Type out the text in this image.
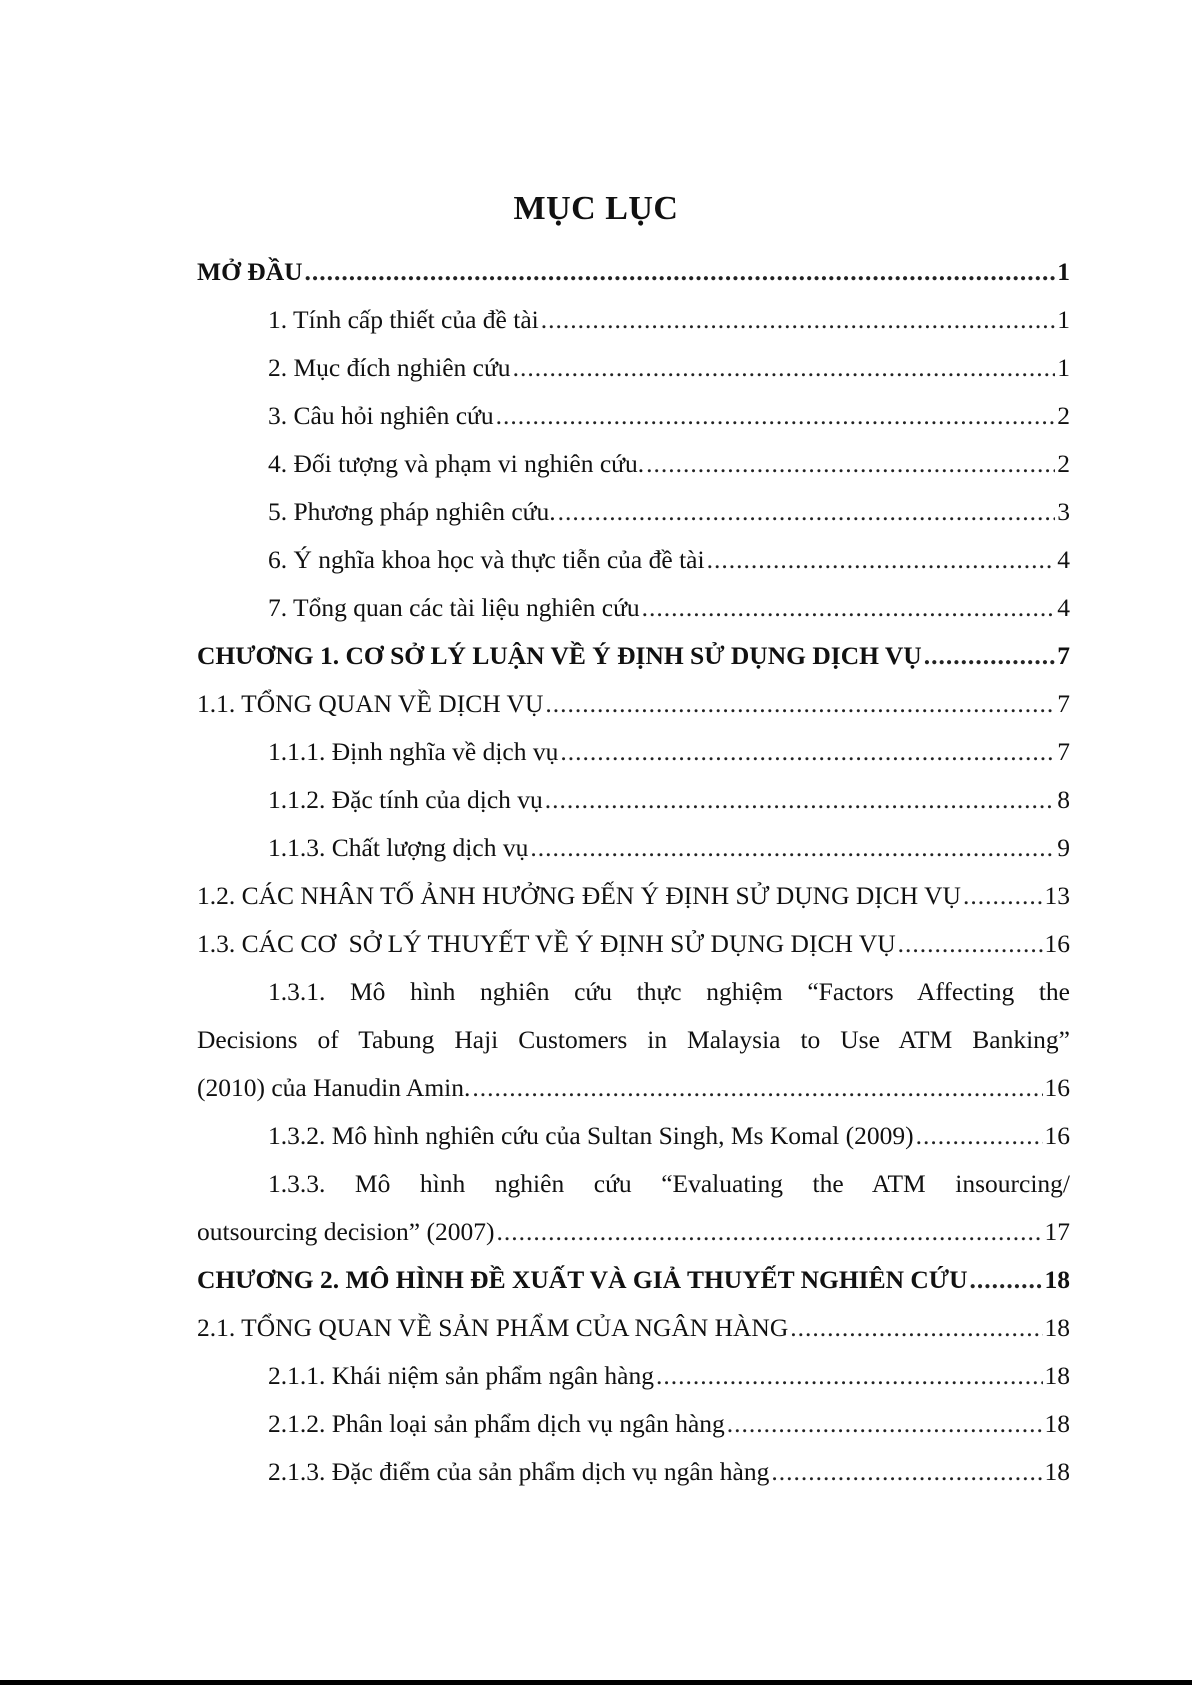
MỤC LỤC
MỞ ĐẦU .....	1
1. Tính cấp thiết của đề tài .....	1
2. Mục đích nghiên cứu .....	1
3. Câu hỏi nghiên cứu .....	2
4. Đối tượng và phạm vi nghiên cứu. .....	2
5. Phương pháp nghiên cứu. .....	3
6. Ý nghĩa khoa học và thực tiễn của đề tài .....	4
7. Tổng quan các tài liệu nghiên cứu .....	4
CHƯƠNG 1. CƠ SỞ LÝ LUẬN VỀ Ý ĐỊNH SỬ DỤNG DỊCH VỤ .....	7
1.1. TỔNG QUAN VỀ DỊCH VỤ .....	7
1.1.1. Định nghĩa về dịch vụ .....	7
1.1.2. Đặc tính của dịch vụ .....	8
1.1.3. Chất lượng dịch vụ .....	9
1.2. CÁC NHÂN TỐ ẢNH HƯỞNG ĐẾN Ý ĐỊNH SỬ DỤNG DỊCH VỤ .....	13
1.3. CÁC CƠ  SỞ LÝ THUYẾT VỀ Ý ĐỊNH SỬ DỤNG DỊCH VỤ .....	16
1.3.1. Mô hình nghiên cứu thực nghiệm “Factors Affecting the
Decisions of Tabung Haji Customers in Malaysia to Use ATM Banking”
(2010) của Hanudin Amin. .....	16
1.3.2. Mô hình nghiên cứu của Sultan Singh, Ms Komal (2009) .....	16
1.3.3. Mô hình nghiên cứu “Evaluating the ATM insourcing/
outsourcing decision” (2007) .....	17
CHƯƠNG 2. MÔ HÌNH ĐỀ XUẤT VÀ GIẢ THUYẾT NGHIÊN CỨU .....	18
2.1. TỔNG QUAN VỀ SẢN PHẨM CỦA NGÂN HÀNG .....	18
2.1.1. Khái niệm sản phẩm ngân hàng .....	18
2.1.2. Phân loại sản phẩm dịch vụ ngân hàng .....	18
2.1.3. Đặc điểm của sản phẩm dịch vụ ngân hàng .....	18
